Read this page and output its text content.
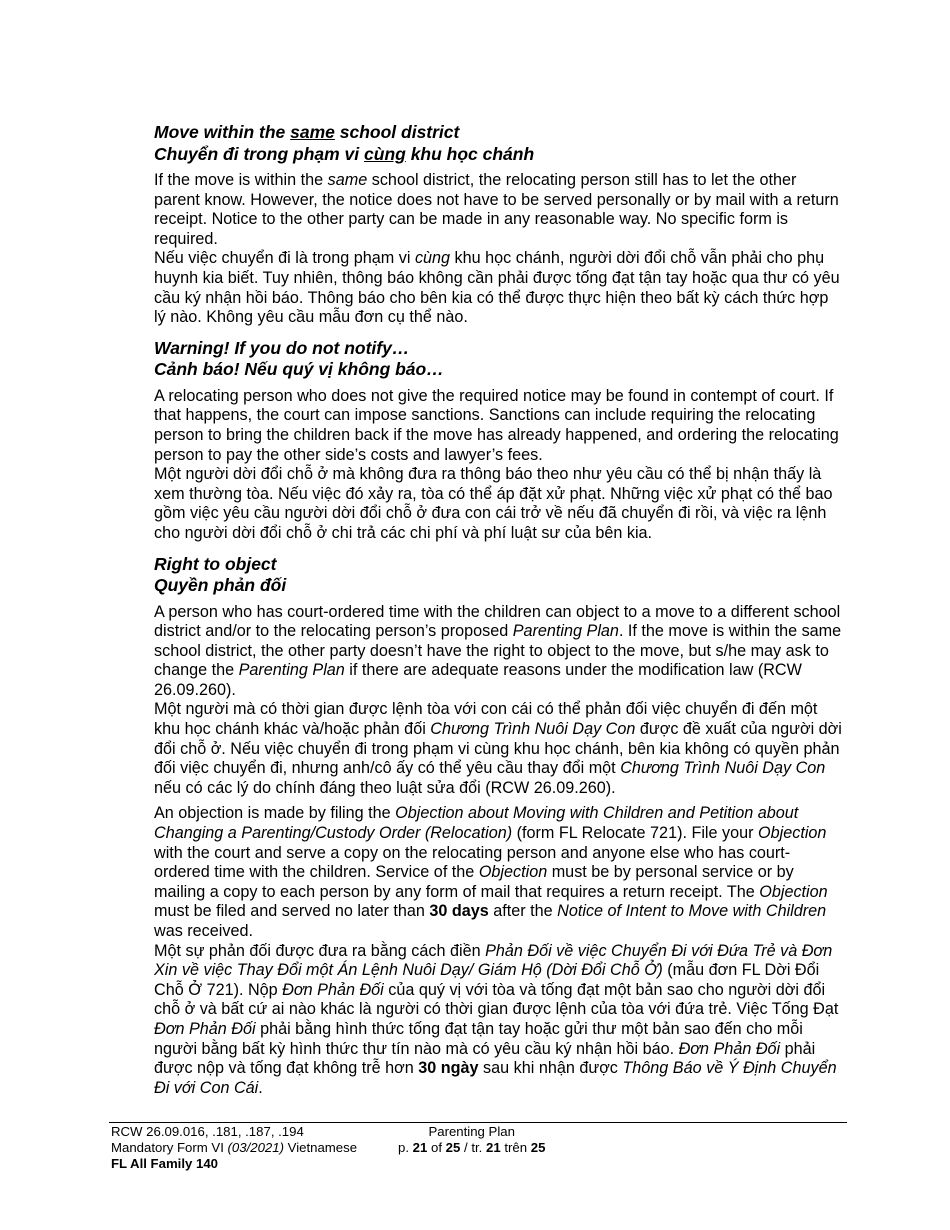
Move within the same school district
Chuyển đi trong phạm vi cùng khu học chánh

If the move is within the same school district, the relocating person still has to let the other parent know. However, the notice does not have to be served personally or by mail with a return receipt. Notice to the other party can be made in any reasonable way. No specific form is required.

Nếu việc chuyển đi là trong phạm vi cùng khu học chánh, người dời đổi chỗ vẫn phải cho phụ huynh kia biết. Tuy nhiên, thông báo không cần phải được tống đạt tận tay hoặc qua thư có yêu cầu ký nhận hồi báo. Thông báo cho bên kia có thể được thực hiện theo bất kỳ cách thức hợp lý nào. Không yêu cầu mẫu đơn cụ thể nào.

Warning! If you do not notify…
Cảnh báo! Nếu quý vị không báo…

A relocating person who does not give the required notice may be found in contempt of court. If that happens, the court can impose sanctions. Sanctions can include requiring the relocating person to bring the children back if the move has already happened, and ordering the relocating person to pay the other side’s costs and lawyer’s fees.

Một người dời đổi chỗ ở mà không đưa ra thông báo theo như yêu cầu có thể bị nhận thấy là xem thường tòa. Nếu việc đó xảy ra, tòa có thể áp đặt xử phạt. Những việc xử phạt có thể bao gồm việc yêu cầu người dời đổi chỗ ở đưa con cái trở về nếu đã chuyển đi rồi, và việc ra lệnh cho người dời đổi chỗ ở chi trả các chi phí và phí luật sư của bên kia.

Right to object
Quyền phản đối

A person who has court-ordered time with the children can object to a move to a different school district and/or to the relocating person’s proposed Parenting Plan. If the move is within the same school district, the other party doesn’t have the right to object to the move, but s/he may ask to change the Parenting Plan if there are adequate reasons under the modification law (RCW 26.09.260).

Một người mà có thời gian được lệnh tòa với con cái có thể phản đối việc chuyển đi đến một khu học chánh khác và/hoặc phản đối Chương Trình Nuôi Dạy Con được đề xuất của người dời đổi chỗ ở. Nếu việc chuyển đi trong phạm vi cùng khu học chánh, bên kia không có quyền phản đối việc chuyển đi, nhưng anh/cô ấy có thể yêu cầu thay đổi một Chương Trình Nuôi Dạy Con nếu có các lý do chính đáng theo luật sửa đổi (RCW 26.09.260).

An objection is made by filing the Objection about Moving with Children and Petition about Changing a Parenting/Custody Order (Relocation) (form FL Relocate 721). File your Objection with the court and serve a copy on the relocating person and anyone else who has court-ordered time with the children. Service of the Objection must be by personal service or by mailing a copy to each person by any form of mail that requires a return receipt. The Objection must be filed and served no later than 30 days after the Notice of Intent to Move with Children was received.

Một sự phản đối được đưa ra bằng cách điền Phản Đối về việc Chuyển Đi với Đứa Trẻ và Đơn Xin về việc Thay Đổi một Án Lệnh Nuôi Dạy/ Giám Hộ (Dời Đổi Chỗ Ở) (mẫu đơn FL Dời Đổi Chỗ Ở 721). Nộp Đơn Phản Đối của quý vị với tòa và tống đạt một bản sao cho người dời đổi chỗ ở và bất cứ ai nào khác là người có thời gian được lệnh của tòa với đứa trẻ. Việc Tống Đạt Đơn Phản Đối phải bằng hình thức tống đạt tận tay hoặc gửi thư một bản sao đến cho mỗi người bằng bất kỳ hình thức thư tín nào mà có yêu cầu ký nhận hồi báo. Đơn Phản Đối phải được nộp và tống đạt không trễ hơn 30 ngày sau khi nhận được Thông Báo về Ý Định Chuyển Đi với Con Cái.

RCW 26.09.016, .181, .187, .194
Mandatory Form VI (03/2021) Vietnamese
FL All Family 140
Parenting Plan
p. 21 of 25 / tr. 21 trên 25
